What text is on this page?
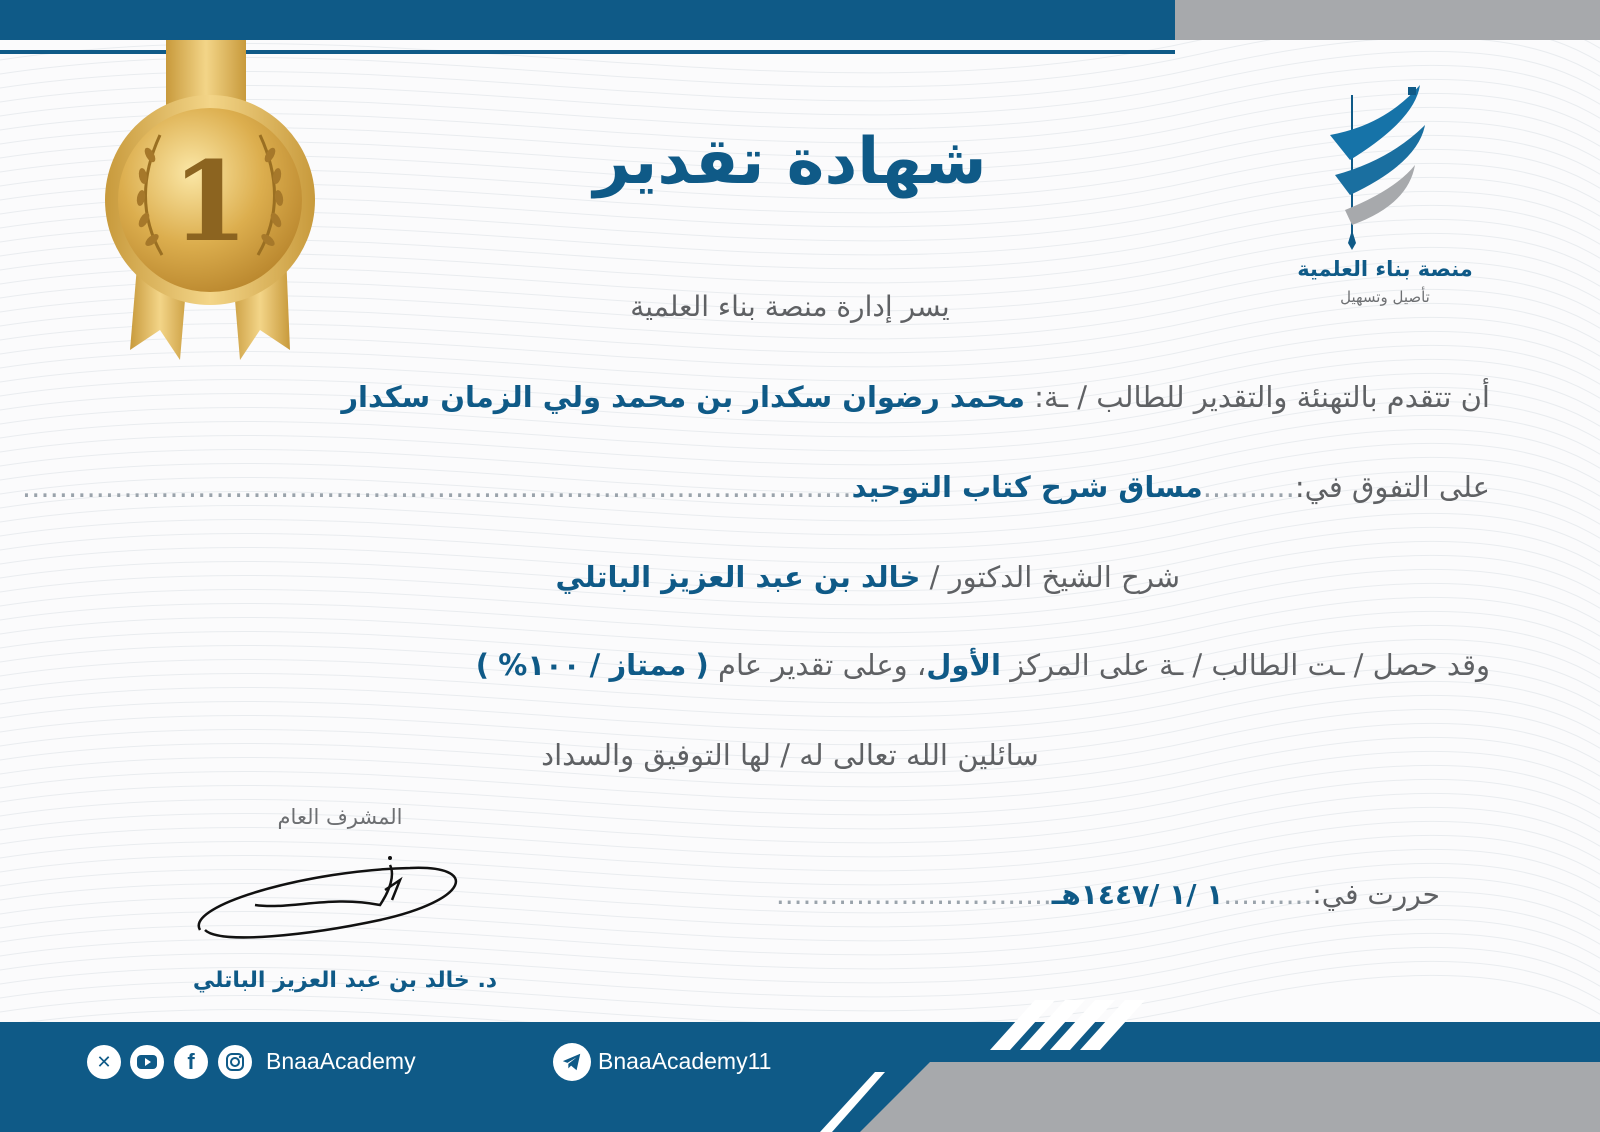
1	شهادة تقدير
منصة بناء العلمية
تأصيل وتسهيل
يسر إدارة منصة بناء العلمية
أن تتقدم بالتهنئة والتقدير للطالب / ـة: محمد رضوان سكدار بن محمد ولي الزمان سكدار
على التفوق في:..........مساق شرح كتاب التوحيد..........................................................................................
شرح الشيخ الدكتور / خالد بن عبد العزيز الباتلي
وقد حصل / ـت الطالب / ـة على المركز الأول، وعلى تقدير عام ( ممتاز / ١٠٠% )
سائلين الله تعالى له / لها التوفيق والسداد
المشرف العام
د. خالد بن عبد العزيز الباتلي
حررت في:..........١ /١ /١٤٤٧هـ...............................
BnaaAcademy11
✕	f	BnaaAcademy
